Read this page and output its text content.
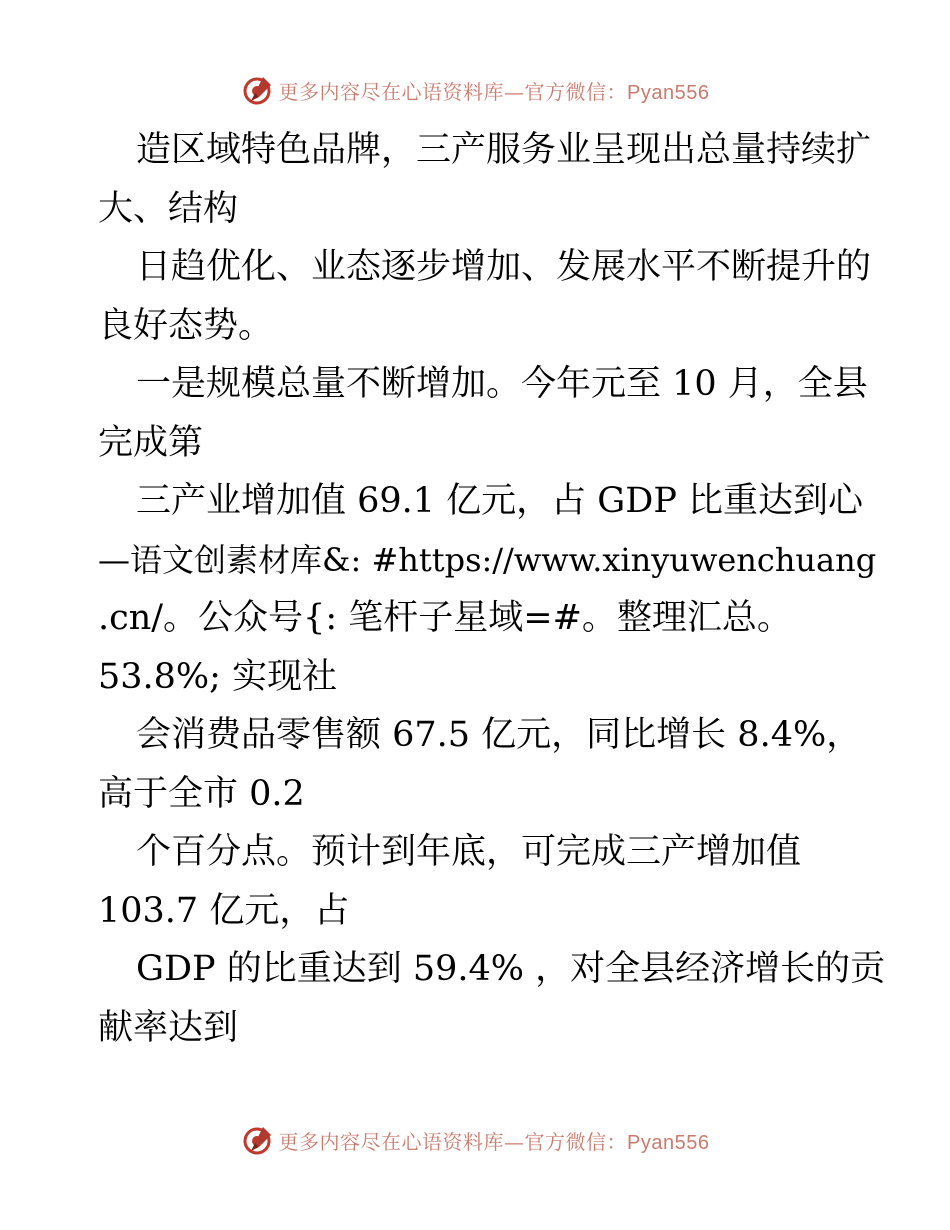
更多内容尽在心语资料库—官方微信：Pyan556
造区域特色品牌，三产服务业呈现出总量持续扩
大、结构
日趋优化、业态逐步增加、发展水平不断提升的
良好态势。
一是规模总量不断增加。今年元至 10 月，全县
完成第
三产业增加值 69.1 亿元，占 GDP 比重达到心
—语文创素材库&: #https://www.xinyuwenchuang
.cn/。公众号{: 笔杆子星域=#。整理汇总。
53.8%; 实现社
会消费品零售额 67.5 亿元，同比增长 8.4%，
高于全市 0.2
个百分点。预计到年底，可完成三产增加值
103.7 亿元，占
GDP 的比重达到 59.4% ，对全县经济增长的贡
献率达到
更多内容尽在心语资料库—官方微信：Pyan556
